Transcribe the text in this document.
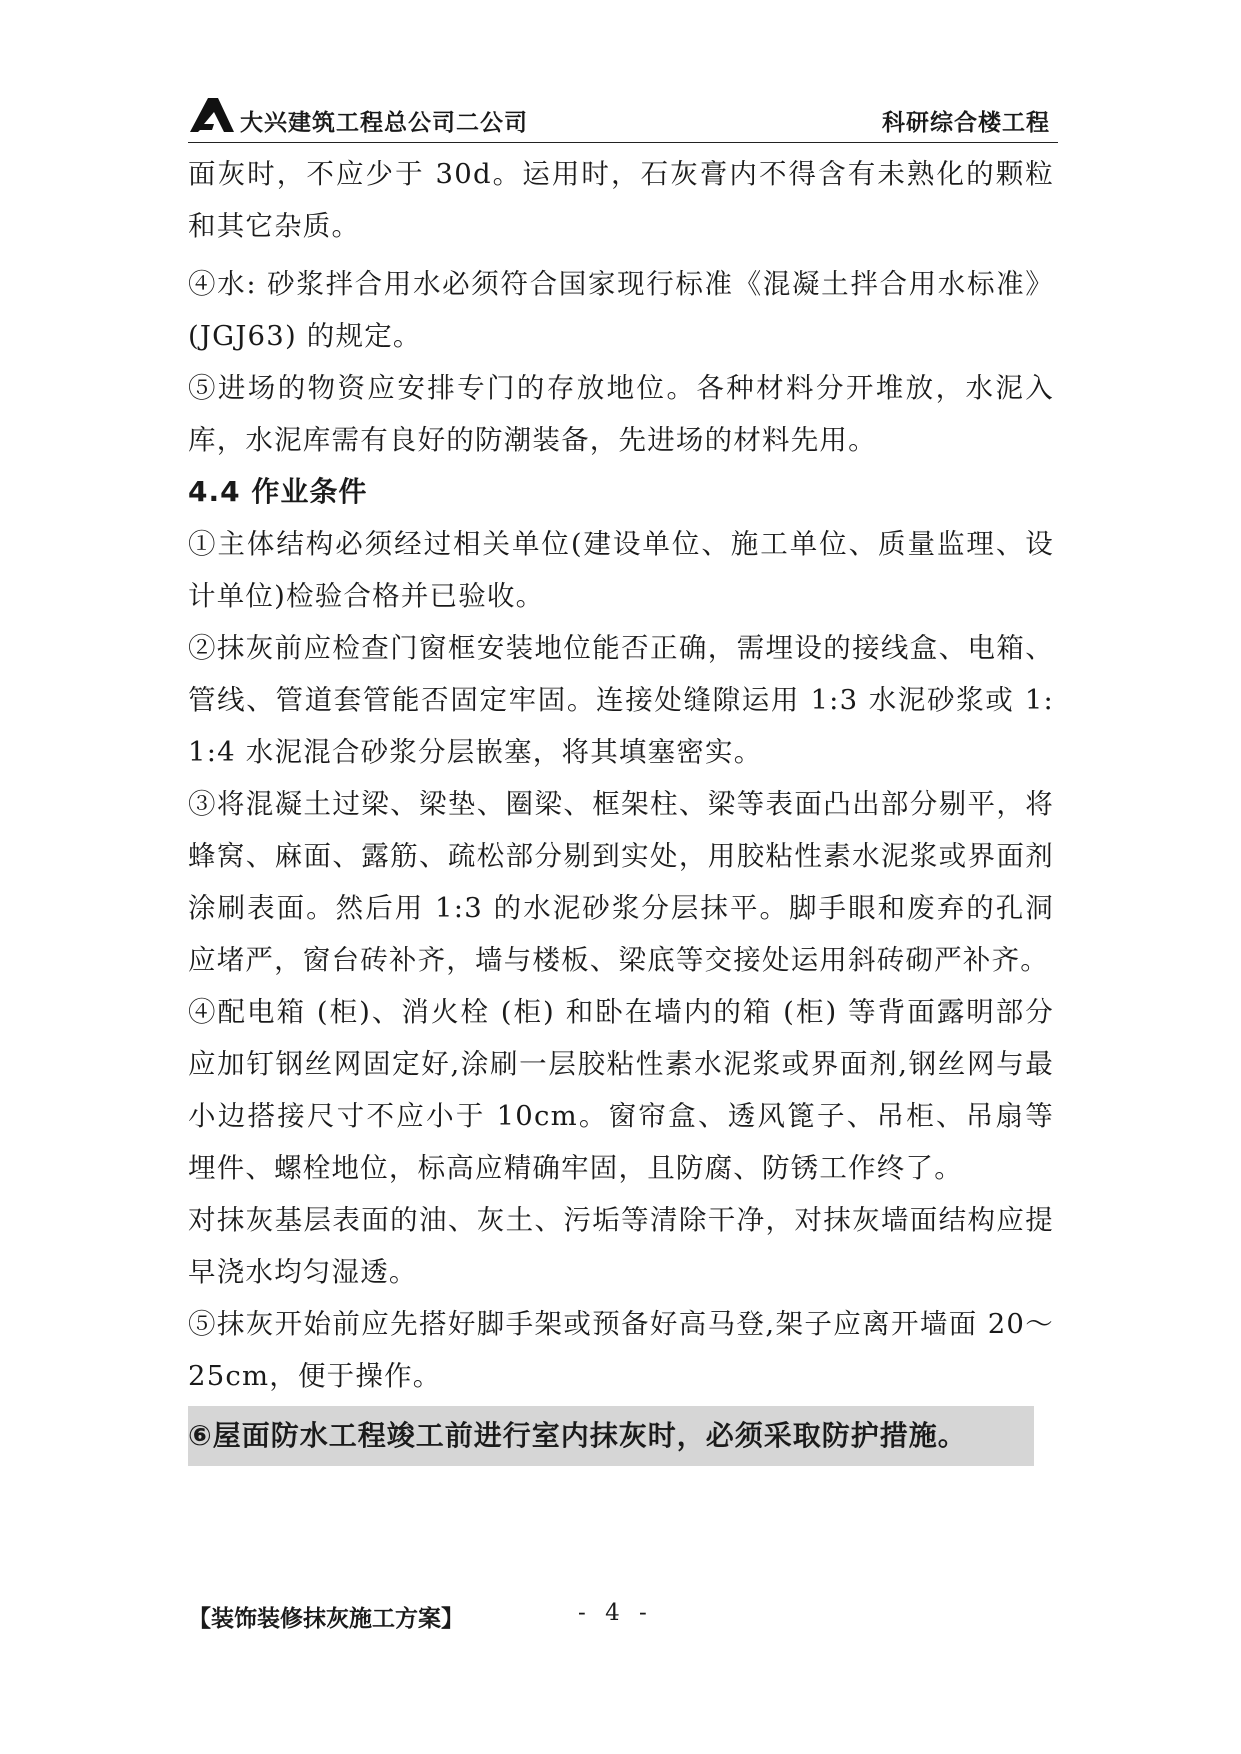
大兴建筑工程总公司二公司	科研综合楼工程

面灰时，不应少于 30d。运用时，石灰膏内不得含有未熟化的颗粒和其它杂质。

④水: 砂浆拌合用水必须符合国家现行标准《混凝土拌合用水标准》(JGJ63) 的规定。

⑤进场的物资应安排专门的存放地位。各种材料分开堆放，水泥入库，水泥库需有良好的防潮装备，先进场的材料先用。

4.4 作业条件

①主体结构必须经过相关单位(建设单位、施工单位、质量监理、设计单位)检验合格并已验收。

②抹灰前应检查门窗框安装地位能否正确，需埋设的接线盒、电箱、管线、管道套管能否固定牢固。连接处缝隙运用 1:3 水泥砂浆或 1:1:4 水泥混合砂浆分层嵌塞，将其填塞密实。

③将混凝土过梁、梁垫、圈梁、框架柱、梁等表面凸出部分剔平，将蜂窝、麻面、露筋、疏松部分剔到实处，用胶粘性素水泥浆或界面剂涂刷表面。然后用 1:3 的水泥砂浆分层抹平。脚手眼和废弃的孔洞应堵严，窗台砖补齐，墙与楼板、梁底等交接处运用斜砖砌严补齐。

④配电箱 (柜)、消火栓 (柜) 和卧在墙内的箱 (柜) 等背面露明部分应加钉钢丝网固定好,涂刷一层胶粘性素水泥浆或界面剂,钢丝网与最小边搭接尺寸不应小于 10cm。窗帘盒、透风篦子、吊柜、吊扇等埋件、螺栓地位，标高应精确牢固，且防腐、防锈工作终了。

对抹灰基层表面的油、灰土、污垢等清除干净，对抹灰墙面结构应提早浇水均匀湿透。

⑤抹灰开始前应先搭好脚手架或预备好高马登,架子应离开墙面 20～25cm，便于操作。

⑥屋面防水工程竣工前进行室内抹灰时，必须采取防护措施。

【装饰装修抹灰施工方案】	- 4 -
